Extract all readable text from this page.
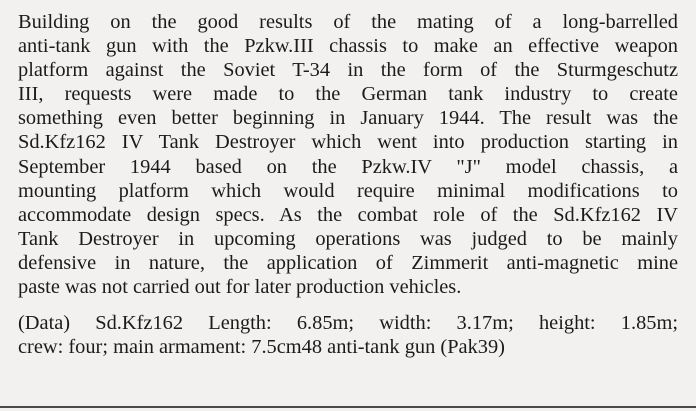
Building on the good results of the mating of a long-barrelled
anti-tank gun with the Pzkw.III chassis to make an effective weapon
platform against the Soviet T-34 in the form of the Sturmgeschutz
III, requests were made to the German tank industry to create
something even better beginning in January 1944. The result was the
Sd.Kfz162 IV Tank Destroyer which went into production starting in
September 1944 based on the Pzkw.IV "J" model chassis, a
mounting platform which would require minimal modifications to
accommodate design specs. As the combat role of the Sd.Kfz162 IV
Tank Destroyer in upcoming operations was judged to be mainly
defensive in nature, the application of Zimmerit anti-magnetic mine
paste was not carried out for later production vehicles.
(Data) Sd.Kfz162 Length: 6.85m; width: 3.17m; height: 1.85m;
crew: four; main armament: 7.5cm48 anti-tank gun (Pak39)
